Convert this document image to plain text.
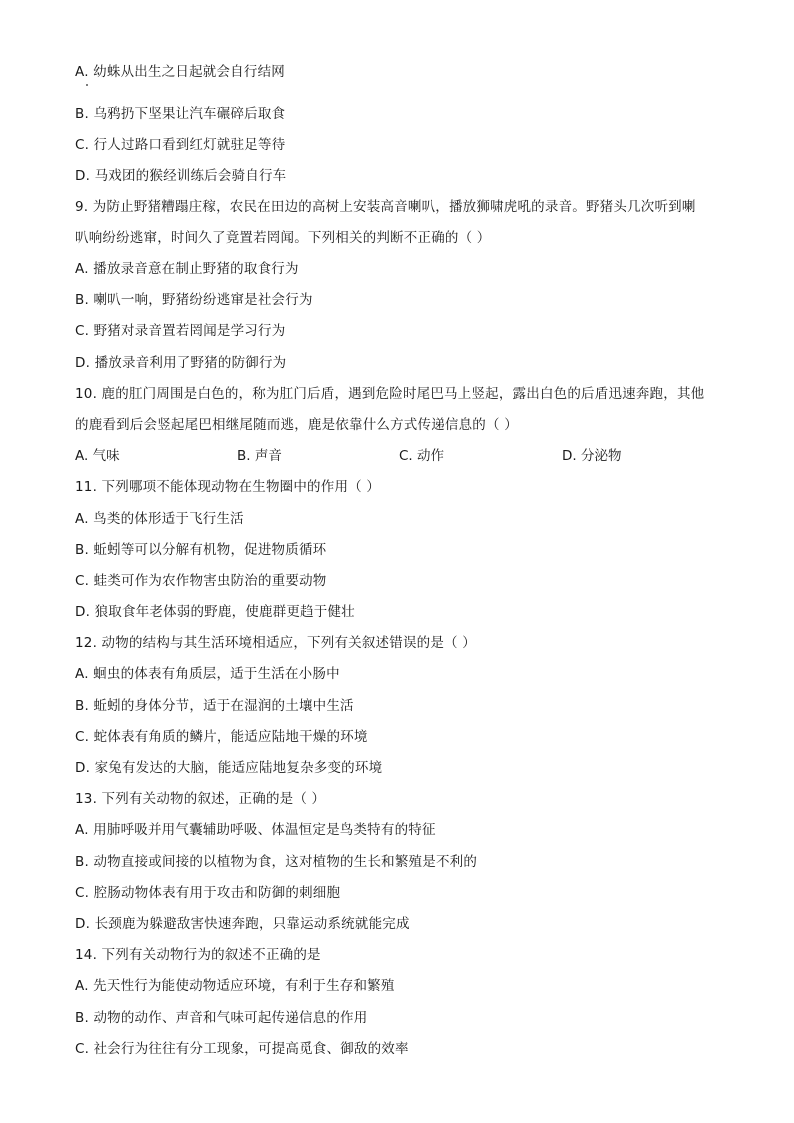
A. 幼蛛从出生之日起就会自行结网
B. 乌鸦扔下坚果让汽车碾碎后取食
C. 行人过路口看到红灯就驻足等待
D. 马戏团的猴经训练后会骑自行车
9. 为防止野猪糟蹋庄稼，农民在田边的高树上安装高音喇叭，播放狮啸虎吼的录音。野猪头几次听到喇
叭响纷纷逃窜，时间久了竟置若罔闻。下列相关的判断不正确的（ ）
A. 播放录音意在制止野猪的取食行为
B. 喇叭一响，野猪纷纷逃窜是社会行为
C. 野猪对录音置若罔闻是学习行为
D. 播放录音利用了野猪的防御行为
10. 鹿的肛门周围是白色的，称为肛门后盾，遇到危险时尾巴马上竖起，露出白色的后盾迅速奔跑，其他
的鹿看到后会竖起尾巴相继尾随而逃，鹿是依靠什么方式传递信息的（ ）
A. 气味	B. 声音	C. 动作	D. 分泌物
11. 下列哪项不能体现动物在生物圈中的作用（ ）
A. 鸟类的体形适于飞行生活
B. 蚯蚓等可以分解有机物，促进物质循环
C. 蛙类可作为农作物害虫防治的重要动物
D. 狼取食年老体弱的野鹿，使鹿群更趋于健壮
12. 动物的结构与其生活环境相适应，下列有关叙述错误的是（ ）
A. 蛔虫的体表有角质层，适于生活在小肠中
B. 蚯蚓的身体分节，适于在湿润的土壤中生活
C. 蛇体表有角质的鳞片，能适应陆地干燥的环境
D. 家兔有发达的大脑，能适应陆地复杂多变的环境
13. 下列有关动物的叙述，正确的是（ ）
A. 用肺呼吸并用气囊辅助呼吸、体温恒定是鸟类特有的特征
B. 动物直接或间接的以植物为食，这对植物的生长和繁殖是不利的
C. 腔肠动物体表有用于攻击和防御的刺细胞
D. 长颈鹿为躲避敌害快速奔跑，只靠运动系统就能完成
14. 下列有关动物行为的叙述不正确的是
A. 先天性行为能使动物适应环境，有利于生存和繁殖
B. 动物的动作、声音和气味可起传递信息的作用
C. 社会行为往往有分工现象，可提高觅食、御敌的效率
